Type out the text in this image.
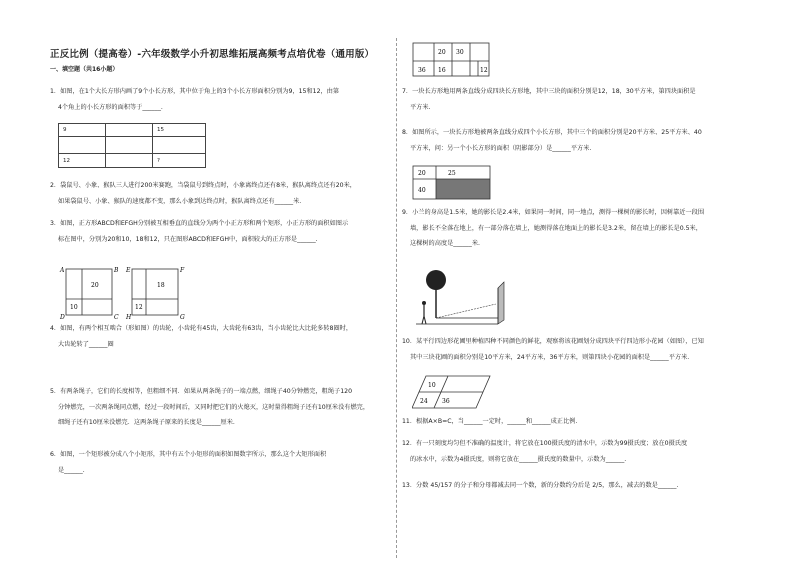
正反比例（提高卷）-六年级数学小升初思维拓展高频考点培优卷（通用版）
一、填空题（共16小题）
1．如图，在1个大长方形内画了9个小长方形，其中位于角上的3个小长方形面积分别为9，15和12，由第
4个角上的小长方形的面积等于______.
9		15

12		?
2．袋鼠号、小象、猴队三人进行200米赛跑，当袋鼠号到终点时，小象离终点还有8米，猴队离终点还有20米，
如果袋鼠号、小象、猴队的速度都不变，那么小象到达终点时，猴队离终点还有______米.
3．如图，正方形ABCD和EFGH分别被互相垂直的直线分为两个小正方形和两个矩形，小正方形的面积如图示
标在图中，分别为20和10，18和12，只在图形ABCD和EFGH中，面积较大的正方形是______.
A	B
C
D
E	F
G
H
20
10
18
12
4．如图，有两个相互啮合（形如图）的齿轮，小齿轮有45齿，大齿轮有63齿，当小齿轮比大比轮多转8圈时，
大齿轮转了______圈
5．有两条绳子，它们的长度相等，但粗细不同．如果从两条绳子的一端点燃，细绳子40分钟燃完，粗绳子120
分钟燃完，一次两条绳同点燃，经过一段时间后，又同时把它们的火熄灭，这时量得粗绳子还有10厘米没有燃完，
细绳子还有10厘米没燃完．这两条绳子原来的长度是______厘米.
6．如图，一个矩形被分成八个小矩形，其中有五个小矩形的面积如图数字所示，那么这个大矩形面积
是______.
20 30
36 16	12
7．一块长方形地用两条直线分成四块长方形地，其中三块的面积分别是12，18，30平方米，第四块面积是
平方米.
8．如图所示，一块长方形地被两条直线分成四个小长方形，其中三个的面积分别是20平方米、25平方米、40
平方米，问：另一个小长方形的面积（阴影部分）是______平方米.
20	25
40
9．小兰的身高是1.5米，她的影长是2.4米，如果同一时间，同一地点，测得一棵树的影长时，因树靠近一段围
墙，影长不全落在地上，有一部分落在墙上，她测得落在地面上的影长是3.2米，留在墙上的影长是0.5米，
这棵树的高度是______米.
10．某平行四边形花圃里种植四种不同颜色的鲜花，观察将该花圃划分成四块平行四边形小花园（如图），已知
其中三块花圃的面积分别是10平方米，24平方米，36平方米，则第四块小花园的面积是______平方米.
10
24 36
11．根据A×B=C，当______一定时，______和______成正比例.
12．有一只刻度均匀但不准确的温度计，将它放在100摄氏度的清水中，示数为99摄氏度；放在0摄氏度
的冰水中，示数为4摄氏度，则将它放在______摄氏度的数量中，示数为______.
13．分数 45/157 的分子和分母都减去同一个数，新的分数约分后是 2/5，那么，减去的数是______.
